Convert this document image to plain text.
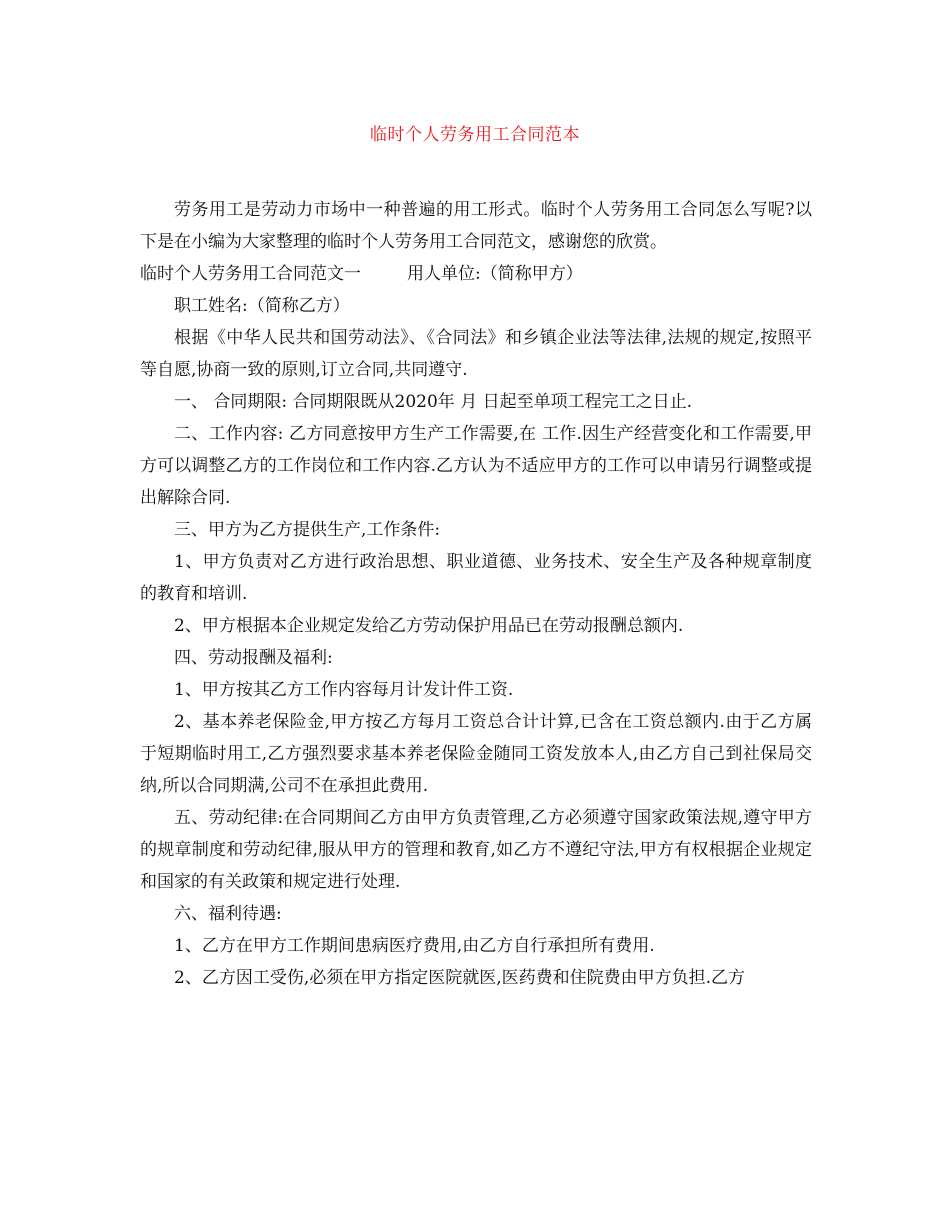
临时个人劳务用工合同范本

劳务用工是劳动力市场中一种普遍的用工形式。临时个人劳务用工合同怎么写呢?以下是在小编为大家整理的临时个人劳务用工合同范文，感谢您的欣赏。

临时个人劳务用工合同范文一	用人单位:（简称甲方）

职工姓名:（简称乙方）

根据《中华人民共和国劳动法》、《合同法》和乡镇企业法等法律,法规的规定,按照平等自愿,协商一致的原则,订立合同,共同遵守.

一、 合同期限: 合同期限既从2020年 月 日起至单项工程完工之日止.

二、工作内容: 乙方同意按甲方生产工作需要,在 工作.因生产经营变化和工作需要,甲方可以调整乙方的工作岗位和工作内容.乙方认为不适应甲方的工作可以申请另行调整或提出解除合同.

三、甲方为乙方提供生产,工作条件:

1、甲方负责对乙方进行政治思想、职业道德、业务技术、安全生产及各种规章制度的教育和培训.

2、甲方根据本企业规定发给乙方劳动保护用品已在劳动报酬总额内.

四、劳动报酬及福利:

1、甲方按其乙方工作内容每月计发计件工资.

2、基本养老保险金,甲方按乙方每月工资总合计计算,已含在工资总额内.由于乙方属于短期临时用工,乙方强烈要求基本养老保险金随同工资发放本人,由乙方自己到社保局交纳,所以合同期满,公司不在承担此费用.

五、劳动纪律:在合同期间乙方由甲方负责管理,乙方必须遵守国家政策法规,遵守甲方的规章制度和劳动纪律,服从甲方的管理和教育,如乙方不遵纪守法,甲方有权根据企业规定和国家的有关政策和规定进行处理.

六、福利待遇:

1、乙方在甲方工作期间患病医疗费用,由乙方自行承担所有费用.

2、乙方因工受伤,必须在甲方指定医院就医,医药费和住院费由甲方负担.乙方
